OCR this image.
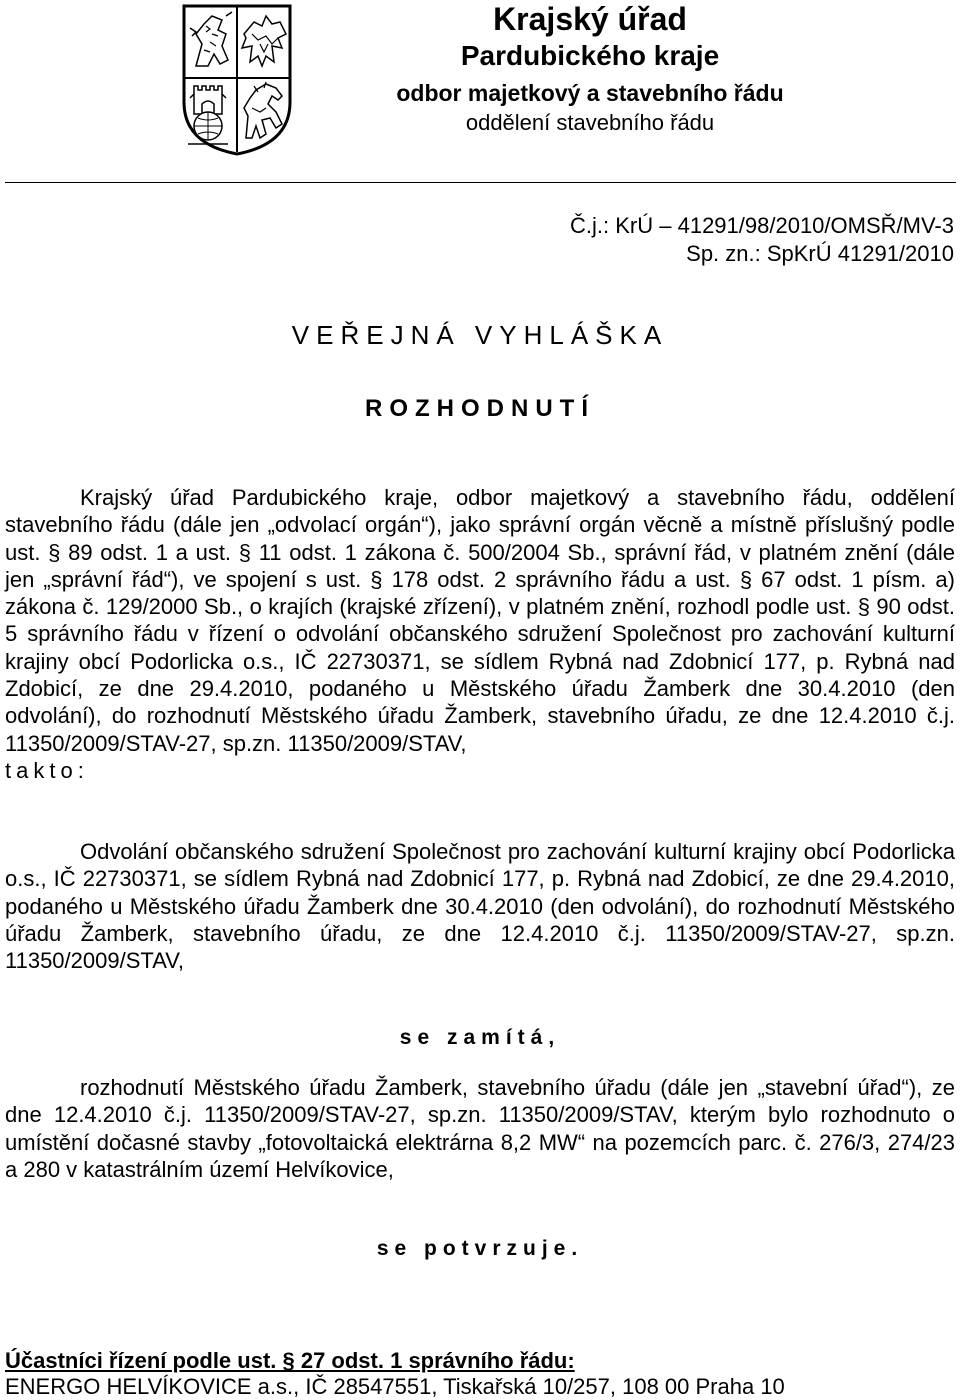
Krajský úřad
Pardubického kraje
odbor majetkový a stavebního řádu
oddělení stavebního řádu
Č.j.: KrÚ – 41291/98/2010/OMSŘ/MV-3
Sp. zn.: SpKrÚ 41291/2010
VEŘEJNÁ VYHLÁŠKA
ROZHODNUTÍ

Krajský úřad Pardubického kraje, odbor majetkový a stavebního řádu, oddělení stavebního řádu (dále jen „odvolací orgán“), jako správní orgán věcně a místně příslušný podle ust. § 89 odst. 1 a ust. § 11 odst. 1 zákona č. 500/2004 Sb., správní řád, v platném znění (dále jen „správní řád“), ve spojení s ust. § 178 odst. 2 správního řádu a ust. § 67 odst. 1 písm. a) zákona č. 129/2000 Sb., o krajích (krajské zřízení), v platném znění, rozhodl podle ust. § 90 odst. 5 správního řádu v řízení o odvolání občanského sdružení Společnost pro zachování kulturní krajiny obcí Podorlicka o.s., IČ 22730371, se sídlem Rybná nad Zdobnicí 177, p. Rybná nad Zdobicí, ze dne 29.4.2010, podaného u Městského úřadu Žamberk dne 30.4.2010 (den odvolání), do rozhodnutí Městského úřadu Žamberk, stavebního úřadu, ze dne 12.4.2010 č.j. 11350/2009/STAV-27, sp.zn. 11350/2009/STAV,

takto:

Odvolání občanského sdružení Společnost pro zachování kulturní krajiny obcí Podorlicka o.s., IČ 22730371, se sídlem Rybná nad Zdobnicí 177, p. Rybná nad Zdobicí, ze dne 29.4.2010, podaného u Městského úřadu Žamberk dne 30.4.2010 (den odvolání), do rozhodnutí Městského úřadu Žamberk, stavebního úřadu, ze dne 12.4.2010 č.j. 11350/2009/STAV-27, sp.zn. 11350/2009/STAV,

se zamítá,

rozhodnutí Městského úřadu Žamberk, stavebního úřadu (dále jen „stavební úřad“), ze dne 12.4.2010 č.j. 11350/2009/STAV-27, sp.zn. 11350/2009/STAV, kterým bylo rozhodnuto o umístění dočasné stavby „fotovoltaická elektrárna 8,2 MW“ na pozemcích parc. č. 276/3, 274/23 a 280 v katastrálním území Helvíkovice,

se potvrzuje.
Účastníci řízení podle ust. § 27 odst. 1 správního řádu:
ENERGO HELVÍKOVICE a.s., IČ 28547551, Tiskařská 10/257, 108 00 Praha 10
